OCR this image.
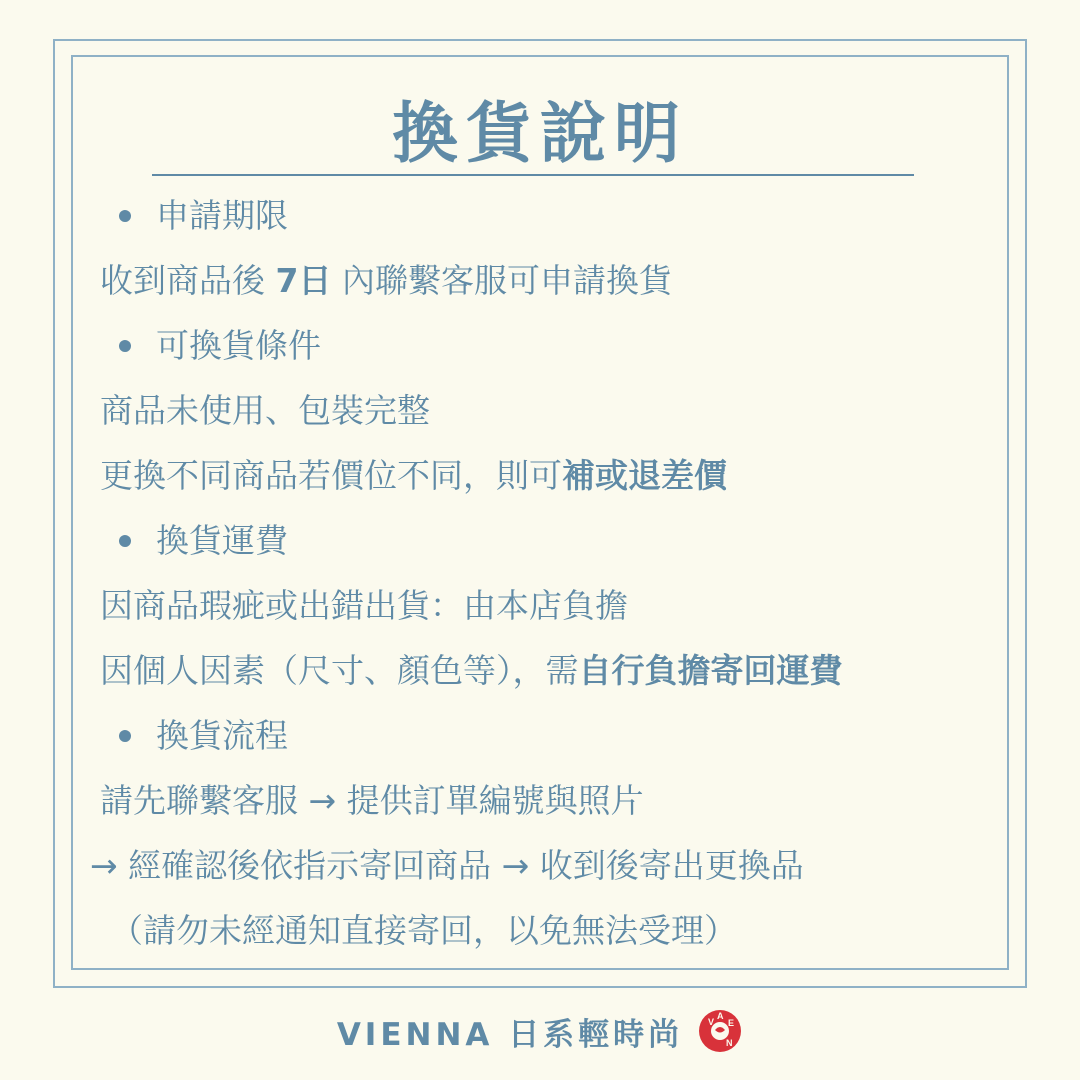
換貨說明
申請期限
收到商品後 7日 內聯繫客服可申請換貨
可換貨條件
商品未使用、包裝完整
更換不同商品若價位不同，則可補或退差價
換貨運費
因商品瑕疵或出錯出貨：由本店負擔
因個人因素（尺寸、顏色等），需自行負擔寄回運費
換貨流程
請先聯繫客服 → 提供訂單編號與照片
→ 經確認後依指示寄回商品 → 收到後寄出更換品
（請勿未經通知直接寄回，以免無法受理）
VIENNA 日系輕時尚	V
A
E
N
